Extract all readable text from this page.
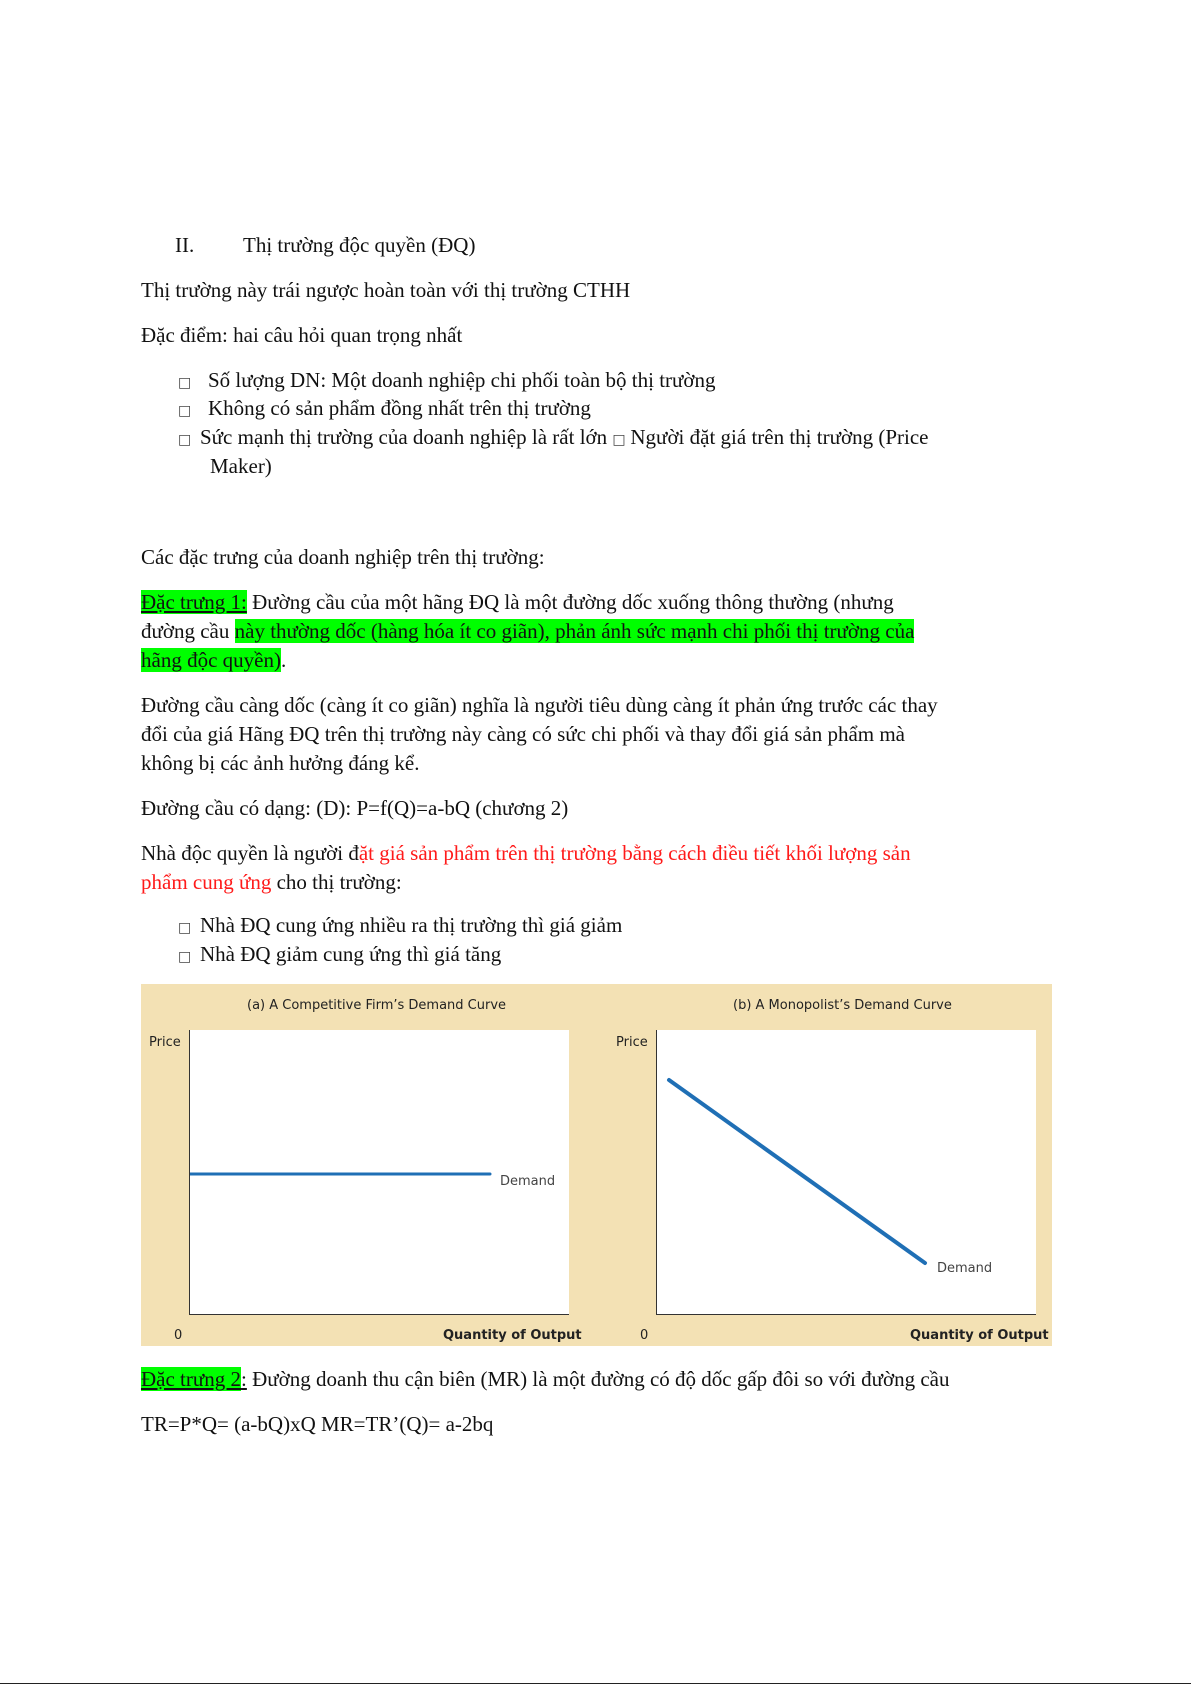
II. Thị trường độc quyền (ĐQ)
Thị trường này trái ngược hoàn toàn với thị trường CTHH
Đặc điểm: hai câu hỏi quan trọng nhất
□ Số lượng DN: Một doanh nghiệp chi phối toàn bộ thị trường
□ Không có sản phẩm đồng nhất trên thị trường
□ Sức mạnh thị trường của doanh nghiệp là rất lớn □ Người đặt giá trên thị trường (Price
Maker)
Các đặc trưng của doanh nghiệp trên thị trường:
Đặc trưng 1: Đường cầu của một hãng ĐQ là một đường dốc xuống thông thường (nhưng
đường cầu này thường dốc (hàng hóa ít co giãn), phản ánh sức mạnh chi phối thị trường của
hãng độc quyền).
Đường cầu càng dốc (càng ít co giãn) nghĩa là người tiêu dùng càng ít phản ứng trước các thay
đổi của giá Hãng ĐQ trên thị trường này càng có sức chi phối và thay đổi giá sản phẩm mà
không bị các ảnh hưởng đáng kể.
Đường cầu có dạng: (D): P=f(Q)=a-bQ (chương 2)
Nhà độc quyền là người đặt giá sản phẩm trên thị trường bằng cách điều tiết khối lượng sản
phẩm cung ứng cho thị trường:
□ Nhà ĐQ cung ứng nhiều ra thị trường thì giá giảm
□ Nhà ĐQ giảm cung ứng thì giá tăng
(a) A Competitive Firm’s Demand Curve
Price
Demand
0	Quantity of Output
(b) A Monopolist’s Demand Curve
Price
Demand
0	Quantity of Output
Đặc trưng 2: Đường doanh thu cận biên (MR) là một đường có độ dốc gấp đôi so với đường cầu
TR=P*Q= (a-bQ)xQ MR=TR’(Q)= a-2bq
